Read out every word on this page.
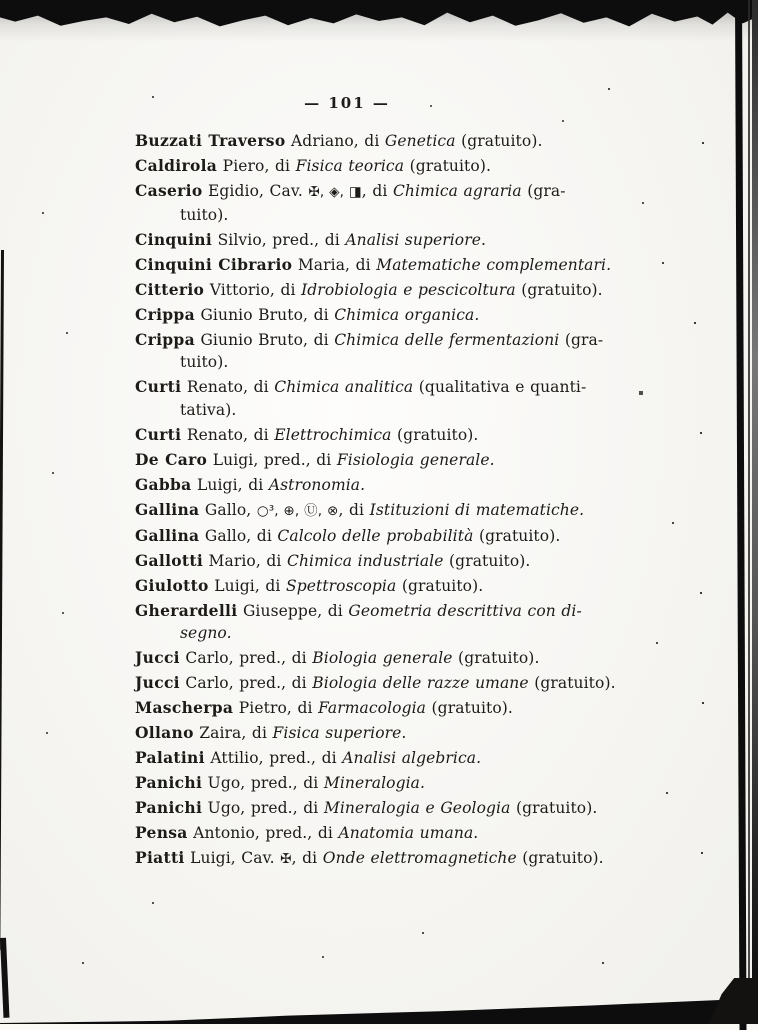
— 101 —

Buzzati Traverso Adriano, di Genetica (gratuito).

Caldirola Piero, di Fisica teorica (gratuito).

Caserio Egidio, Cav. ✠, ◈, ◨, di Chimica agraria (gra-
tuito).

Cinquini Silvio, pred., di Analisi superiore.

Cinquini Cibrario Maria, di Matematiche complementari.

Citterio Vittorio, di Idrobiologia e pescicoltura (gratuito).

Crippa Giunio Bruto, di Chimica organica.

Crippa Giunio Bruto, di Chimica delle fermentazioni (gra-
tuito).

Curti Renato, di Chimica analitica (qualitativa e quanti-
tativa).

Curti Renato, di Elettrochimica (gratuito).

De Caro Luigi, pred., di Fisiologia generale.

Gabba Luigi, di Astronomia.

Gallina Gallo, ○³, ⊕, Ⓤ, ⊗, di Istituzioni di matematiche.

Gallina Gallo, di Calcolo delle probabilità (gratuito).

Gallotti Mario, di Chimica industriale (gratuito).

Giulotto Luigi, di Spettroscopia (gratuito).

Gherardelli Giuseppe, di Geometria descrittiva con di-
segno.

Jucci Carlo, pred., di Biologia generale (gratuito).

Jucci Carlo, pred., di Biologia delle razze umane (gratuito).

Mascherpa Pietro, di Farmacologia (gratuito).

Ollano Zaira, di Fisica superiore.

Palatini Attilio, pred., di Analisi algebrica.

Panichi Ugo, pred., di Mineralogia.

Panichi Ugo, pred., di Mineralogia e Geologia (gratuito).

Pensa Antonio, pred., di Anatomia umana.

Piatti Luigi, Cav. ✠, di Onde elettromagnetiche (gratuito).
